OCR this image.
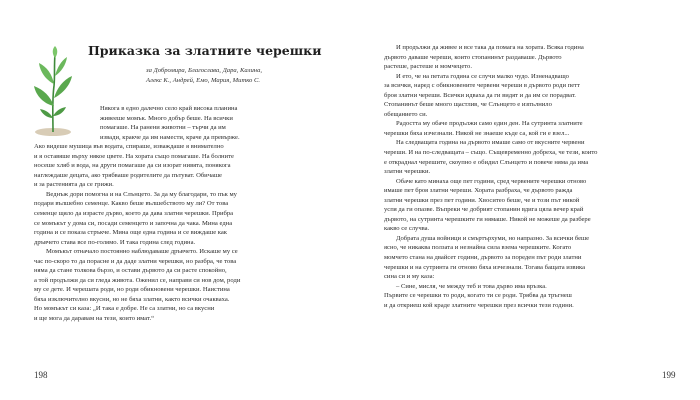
Приказка за златните черешки
за Добромира, Благослава, Дара, Калина,
Алекс К., Андрей, Емо, Мария, Митко С.
Някога в едно далечно село край висока планина
живееше момък. Много добър беше. На всички
помагаше. На ранени животни – търчи да им
извади, кракче да им намести, краче да превърже.
Ако видеше мушица във водата, спираше, изваждаше я внимателно
и я оставяше върху някое цвете. На хората също помагаше. На болните
носеше хляб и вода, на други помагаше да си изорат нивята, понякога
наглеждаше децата, ако трябваше родителите да пътуват. Обичаше
и за растенията да се грижи.
Веднъж дори помогна и на Слънцето. За да му благодари, то пък му
подари вълшебно семенце. Какво беше вълшебството му ли? От това
семенце щяло да израсте дърво, което да дава златни черешки. Прибра
се момъкът у дома си, посади семенцето и започна да чака. Мина една
година и се показа стръкче. Мина още една година и се виждаше как
дръвчето става все по-голямо. И така година след година.
Момъкът отначало постоянно наблюдаваше дръвчето. Искаше му се
час по-скоро то да порасне и да даде златни черешки, но разбра, че това
няма да стане толкова бързо, и остави дървото да си расте спокойно,
а той продължи да си гледа живота. Оженил се, направи си нов дом, роди
му се дете. И черешата роди, но роди обикновени черешки. Наистина
бяха изключително вкусни, но не бяха златни, както всички очакваха.
Но момъкът си каза: „И така е добре. Не са златни, но са вкусни
и ще мога да даравам на тези, които имат.“
198
И продължи да живее и все така да помага на хората. Всяка година
дървото даваше череши, които стопанинът раздаваше. Дървото
растеше, растеше и момчецето.
И ето, че на петата година се случи малко чудо. Изненадващо
за всички, наред с обикновените червени череши в дървото роди петт
броя златни череши. Всички идваха да ги видят и да им се порадват.
Стопанинът беше много щастлив, че Слънцето е изпълнило
обещанието си.
Радостта му обаче продължи само един ден. На сутринта златните
черешки бяха изчезнали. Никой не знаеше къде са, кой ги е взел...
На следващата година на дървото имаше само от вкусните червени
череши. И на по-следващата – също. Същевременно добреха, че тези, които
е откраднал черешите, скоупно е обидил Слънцето и повече няма да има
златни черешки.
Обаче като минаха още пет години, сред червените черешки отново
имаше пет броя златни череши. Хората разбраха, че дървото ражда
златни черешки през пет години. Хвоситео беше, че и този път никой
успя да ги опазве. Въпреки че добрият стопанин вдига цяла вечер край
дървото, на сутринта черешките ги нямаше. Никой не можеше да разбере
какво се случва.
Добрата душа войници и смъртърхуми, но напразно. За всички беше
ясно, че никаква ползата и незнайна сила взема черешките. Когато
момчето стана на двайсет години, дървото за пореден път роди златни
черешки и на сутринта ги отново бяха изчезнали. Тогава бащата извика
сина си и му каза:
– Сине, мисля, че между теб и това дърво има връзка.
Първите се черешки то роди, когато ти се роди. Трябва да тръгнеш
и да откриеш кой краде златните черешки през всички тези години.
199
